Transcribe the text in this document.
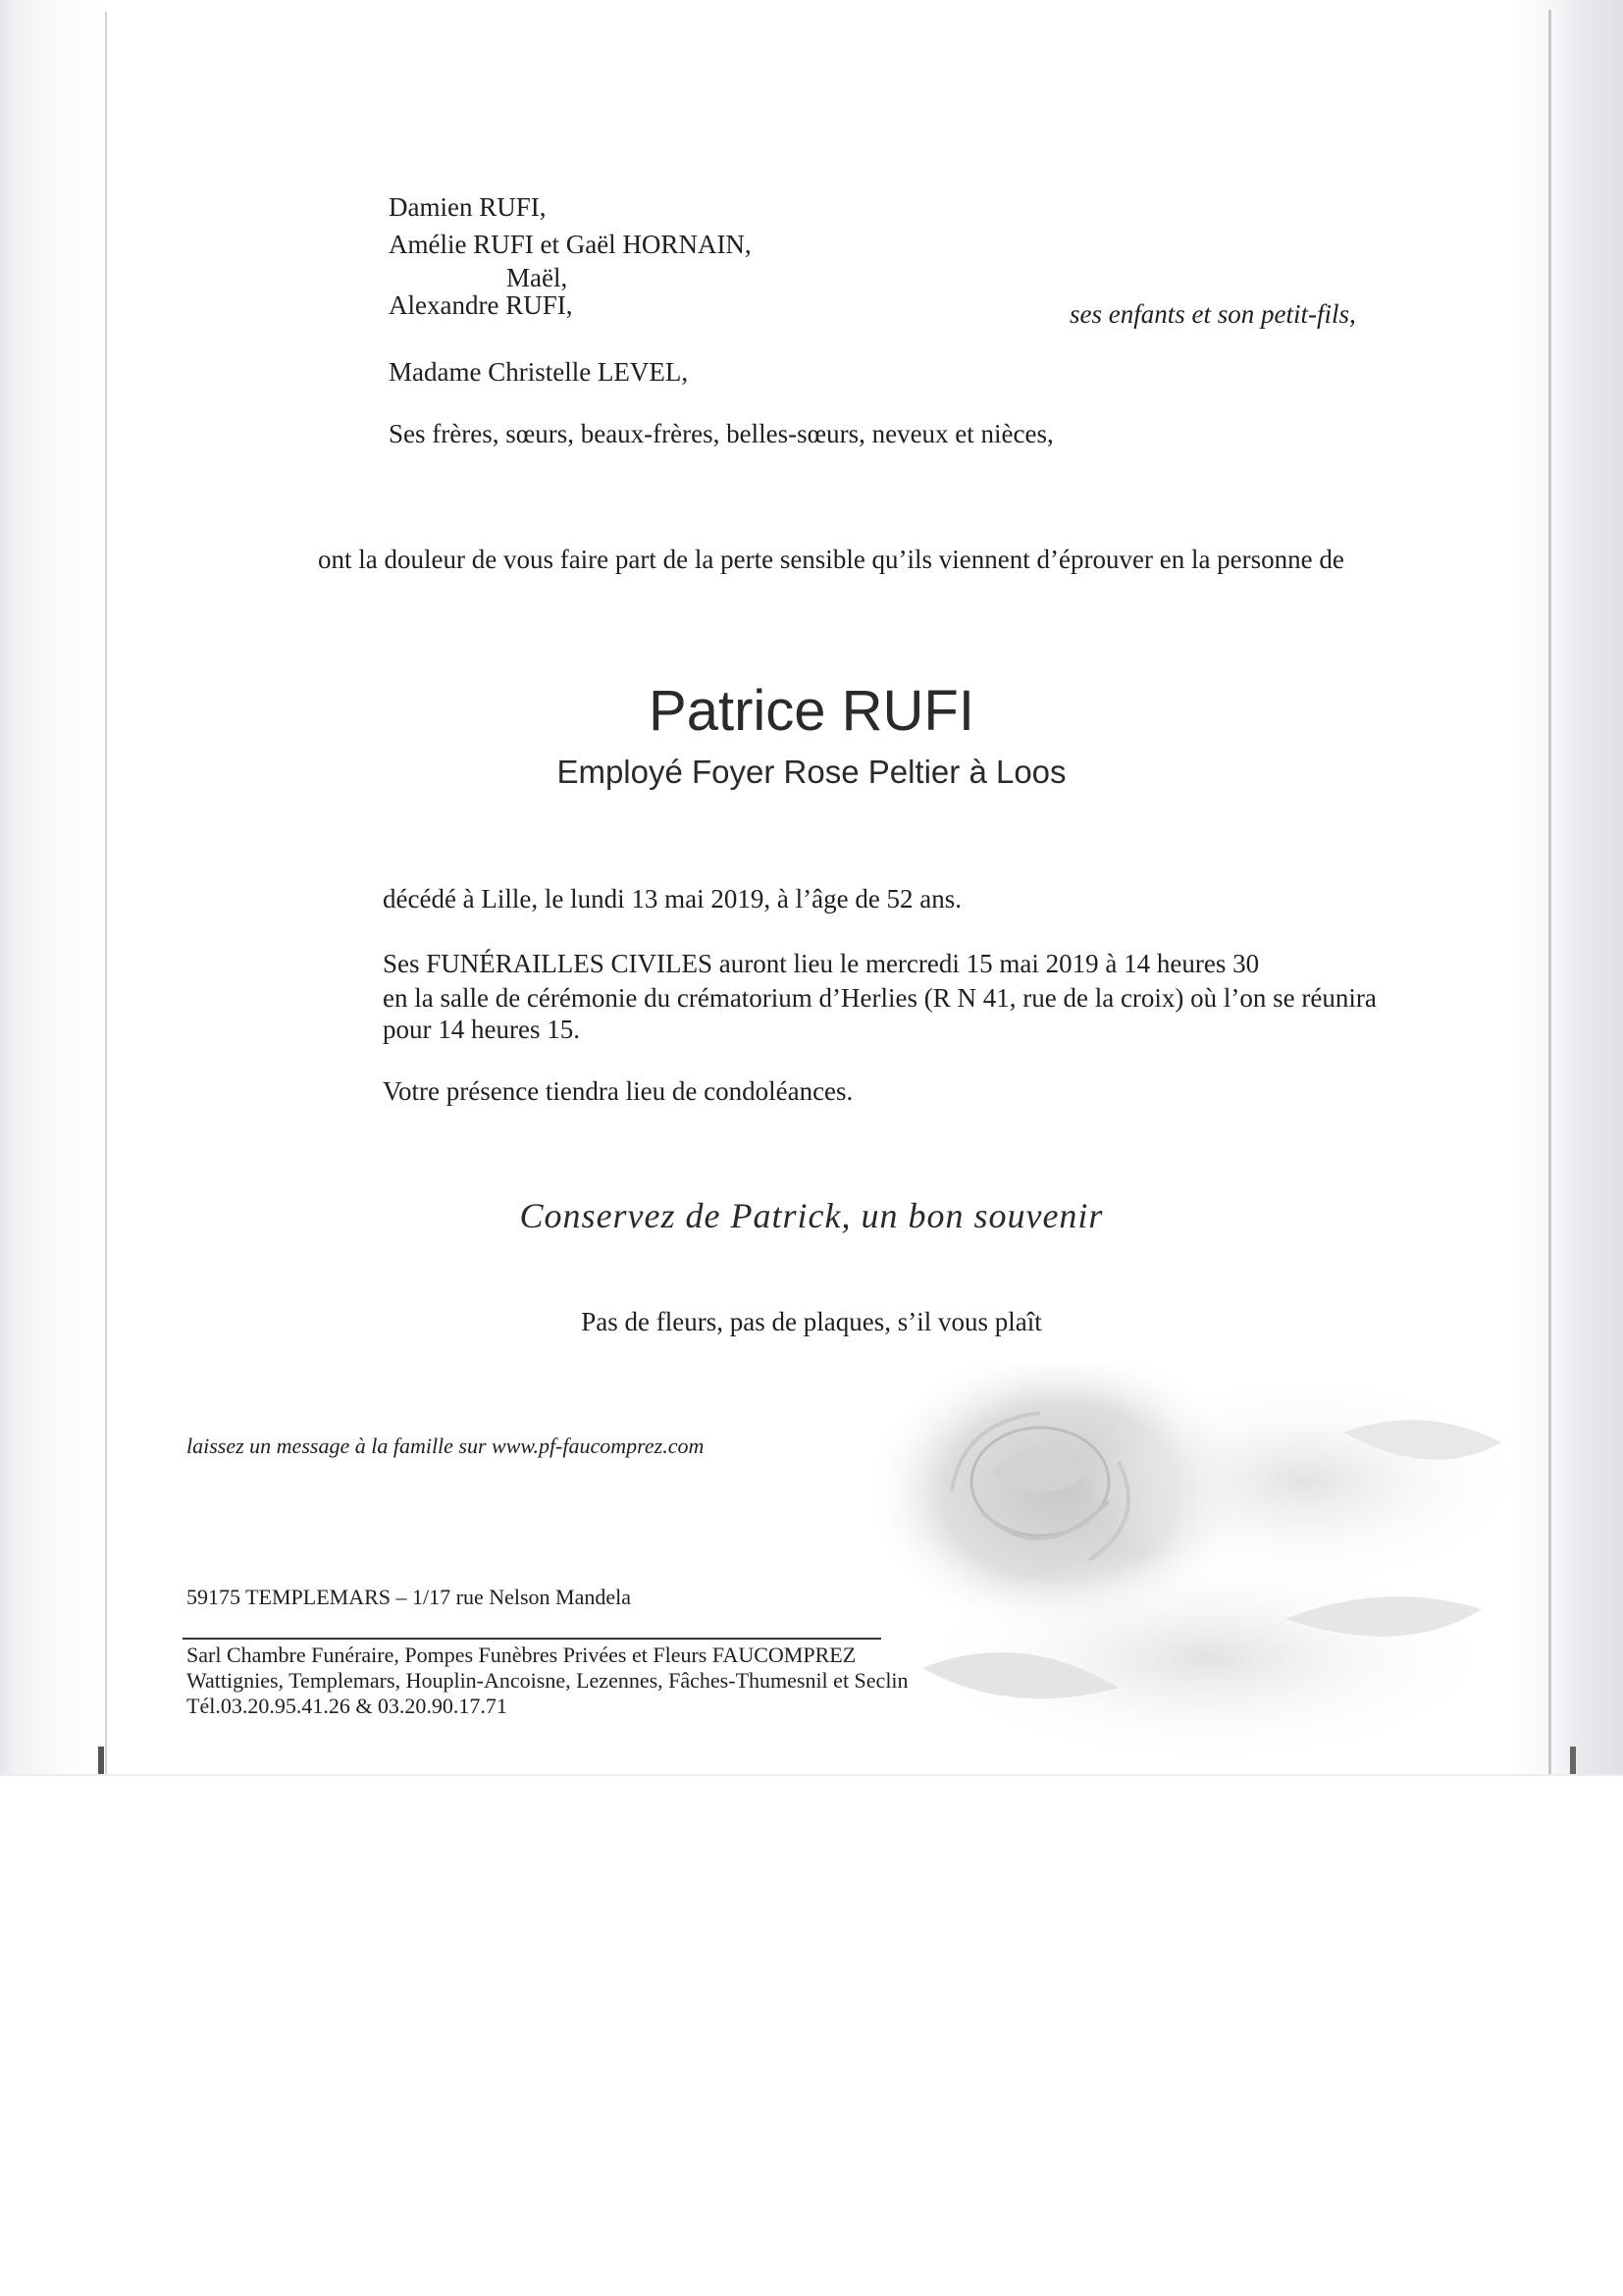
Damien RUFI,
Amélie RUFI et Gaël HORNAIN,
Maël,
Alexandre RUFI,	ses enfants et son petit-fils,
Madame Christelle LEVEL,
Ses frères, sœurs, beaux-frères, belles-sœurs, neveux et nièces,
ont la douleur de vous faire part de la perte sensible qu’ils viennent d’éprouver en la personne de
Patrice RUFI
Employé Foyer Rose Peltier à Loos
décédé à Lille, le lundi 13 mai 2019, à l’âge de 52 ans.
Ses FUNÉRAILLES CIVILES auront lieu le mercredi 15 mai 2019 à 14 heures 30
en la salle de cérémonie du crématorium d’Herlies (R N 41, rue de la croix) où l’on se réunira
pour 14 heures 15.
Votre présence tiendra lieu de condoléances.
Conservez de Patrick, un bon souvenir
Pas de fleurs, pas de plaques, s’il vous plaît
laissez un message à la famille sur www.pf-faucomprez.com
59175 TEMPLEMARS – 1/17 rue Nelson Mandela
Sarl Chambre Funéraire, Pompes Funèbres Privées et Fleurs FAUCOMPREZ
Wattignies, Templemars, Houplin-Ancoisne, Lezennes, Fâches-Thumesnil et Seclin
Tél.03.20.95.41.26 & 03.20.90.17.71
